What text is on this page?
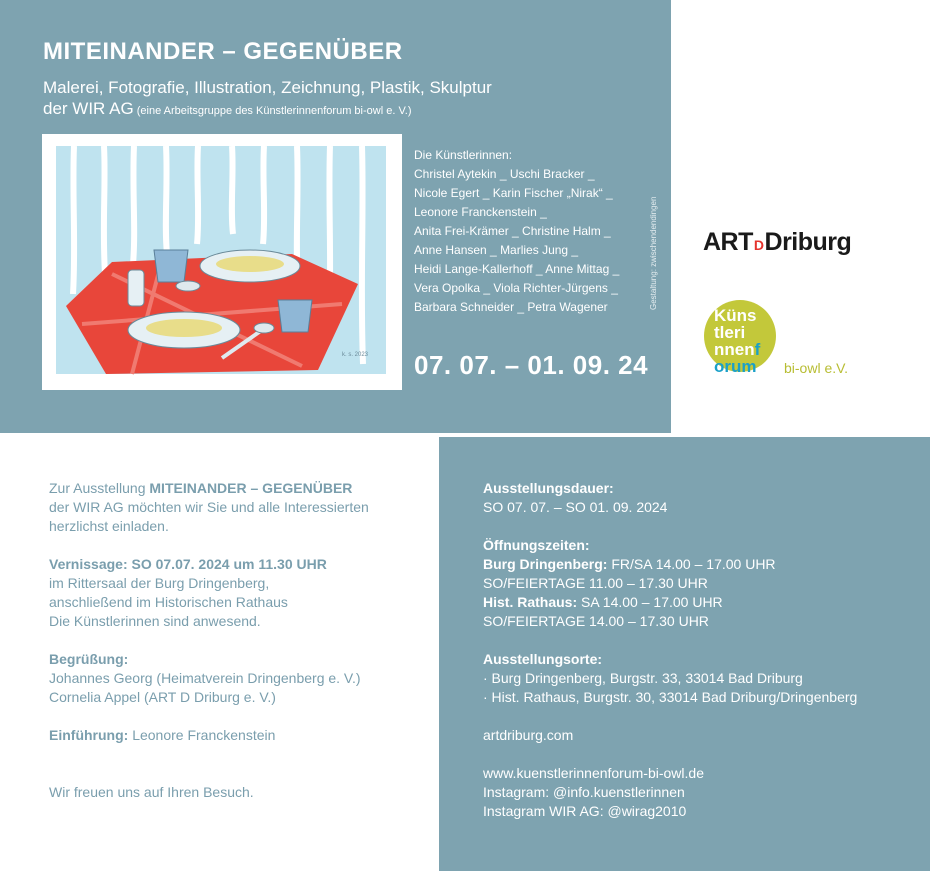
MITEINANDER – GEGENÜBER
Malerei, Fotografie, Illustration, Zeichnung, Plastik, Skulptur
der WIR AG (eine Arbeitsgruppe des Künstlerinnenforum bi-owl e. V.)
k. s. 2023
Die Künstlerinnen:
Christel Aytekin _ Uschi Bracker _
Nicole Egert _ Karin Fischer „Nirak“ _
Leonore Franckenstein _
Anita Frei-Krämer _ Christine Halm _
Anne Hansen _ Marlies Jung _
Heidi Lange-Kallerhoff _ Anne Mittag _
Vera Opolka _ Viola Richter-Jürgens _
Barbara Schneider _ Petra Wagener	Gestaltung: zwischendendingen
07. 07. – 01. 09. 24
ARTDDriburg
Küns
tleri
nnenf
orum bi-owl e.V.

Zur Ausstellung MITEINANDER – GEGENÜBER
der WIR AG möchten wir Sie und alle Interessierten
herzlichst einladen.

Vernissage: SO 07.07. 2024 um 11.30 UHR
im Rittersaal der Burg Dringenberg,
anschließend im Historischen Rathaus
Die Künstlerinnen sind anwesend.

Begrüßung:
Johannes Georg (Heimatverein Dringenberg e. V.)
Cornelia Appel (ART D Driburg e. V.)

Einführung: Leonore Franckenstein

Wir freuen uns auf Ihren Besuch.

Ausstellungsdauer:
SO 07. 07. – SO 01. 09. 2024

Öffnungszeiten:
Burg Dringenberg: FR/SA 14.00 – 17.00 UHR
SO/FEIERTAGE 11.00 – 17.30 UHR
Hist. Rathaus: SA 14.00 – 17.00 UHR
SO/FEIERTAGE 14.00 – 17.30 UHR

Ausstellungsorte:

· Burg Dringenberg, Burgstr. 33, 33014 Bad Driburg
· Hist. Rathaus, Burgstr. 30, 33014 Bad Driburg/Dringenberg

artdriburg.com

www.kuenstlerinnenforum-bi-owl.de
Instagram: @info.kuenstlerinnen
Instagram WIR AG: @wirag2010
